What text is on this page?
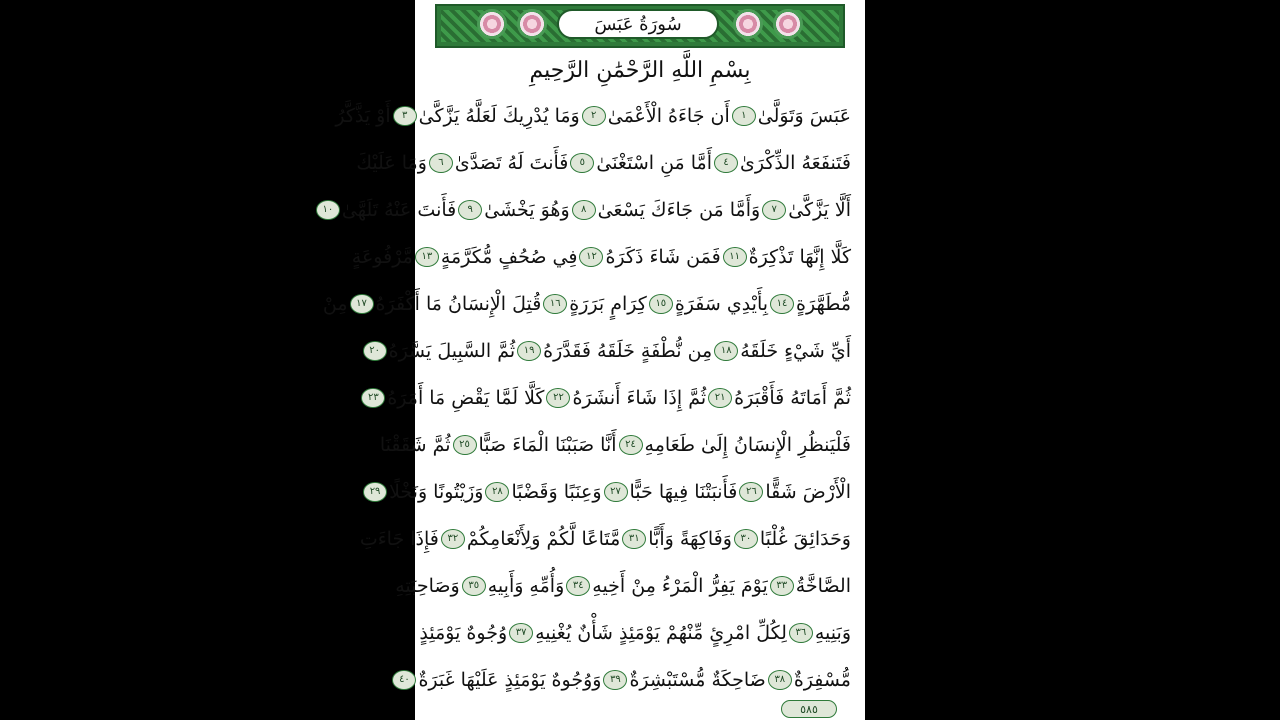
سُورَةُ عَبَسَ
بِسْمِ اللَّهِ الرَّحْمَٰنِ الرَّحِيمِ
عَبَسَ وَتَوَلَّىٰ
١
أَن جَاءَهُ الْأَعْمَىٰ
٢
وَمَا يُدْرِيكَ لَعَلَّهُ يَزَّكَّىٰ
٣
أَوْ يَذَّكَّرُ
فَتَنفَعَهُ الذِّكْرَىٰ
٤
أَمَّا مَنِ اسْتَغْنَىٰ
٥
فَأَنتَ لَهُ تَصَدَّىٰ
٦
وَمَا عَلَيْكَ
أَلَّا يَزَّكَّىٰ
٧
وَأَمَّا مَن جَاءَكَ يَسْعَىٰ
٨
وَهُوَ يَخْشَىٰ
٩
فَأَنتَ عَنْهُ تَلَهَّىٰ
١٠
كَلَّا إِنَّهَا تَذْكِرَةٌ
١١
فَمَن شَاءَ ذَكَرَهُ
١٢
فِي صُحُفٍ مُّكَرَّمَةٍ
١٣
مَّرْفُوعَةٍ
مُّطَهَّرَةٍ
١٤
بِأَيْدِي سَفَرَةٍ
١٥
كِرَامٍ بَرَرَةٍ
١٦
قُتِلَ الْإِنسَانُ مَا أَكْفَرَهُ
١٧
مِنْ
أَيِّ شَيْءٍ خَلَقَهُ
١٨
مِن نُّطْفَةٍ خَلَقَهُ فَقَدَّرَهُ
١٩
ثُمَّ السَّبِيلَ يَسَّرَهُ
٢٠
ثُمَّ أَمَاتَهُ فَأَقْبَرَهُ
٢١
ثُمَّ إِذَا شَاءَ أَنشَرَهُ
٢٢
كَلَّا لَمَّا يَقْضِ مَا أَمَرَهُ
٢٣
فَلْيَنظُرِ الْإِنسَانُ إِلَىٰ طَعَامِهِ
٢٤
أَنَّا صَبَبْنَا الْمَاءَ صَبًّا
٢٥
ثُمَّ شَقَقْنَا
الْأَرْضَ شَقًّا
٢٦
فَأَنبَتْنَا فِيهَا حَبًّا
٢٧
وَعِنَبًا وَقَضْبًا
٢٨
وَزَيْتُونًا وَنَخْلًا
٢٩
وَحَدَائِقَ غُلْبًا
٣٠
وَفَاكِهَةً وَأَبًّا
٣١
مَّتَاعًا لَّكُمْ وَلِأَنْعَامِكُمْ
٣٢
فَإِذَا جَاءَتِ
الصَّاخَّةُ
٣٣
يَوْمَ يَفِرُّ الْمَرْءُ مِنْ أَخِيهِ
٣٤
وَأُمِّهِ وَأَبِيهِ
٣٥
وَصَاحِبَتِهِ
وَبَنِيهِ
٣٦
لِكُلِّ امْرِئٍ مِّنْهُمْ يَوْمَئِذٍ شَأْنٌ يُغْنِيهِ
٣٧
وُجُوهٌ يَوْمَئِذٍ
مُّسْفِرَةٌ
٣٨
ضَاحِكَةٌ مُّسْتَبْشِرَةٌ
٣٩
وَوُجُوهٌ يَوْمَئِذٍ عَلَيْهَا غَبَرَةٌ
٤٠
٥٨٥
